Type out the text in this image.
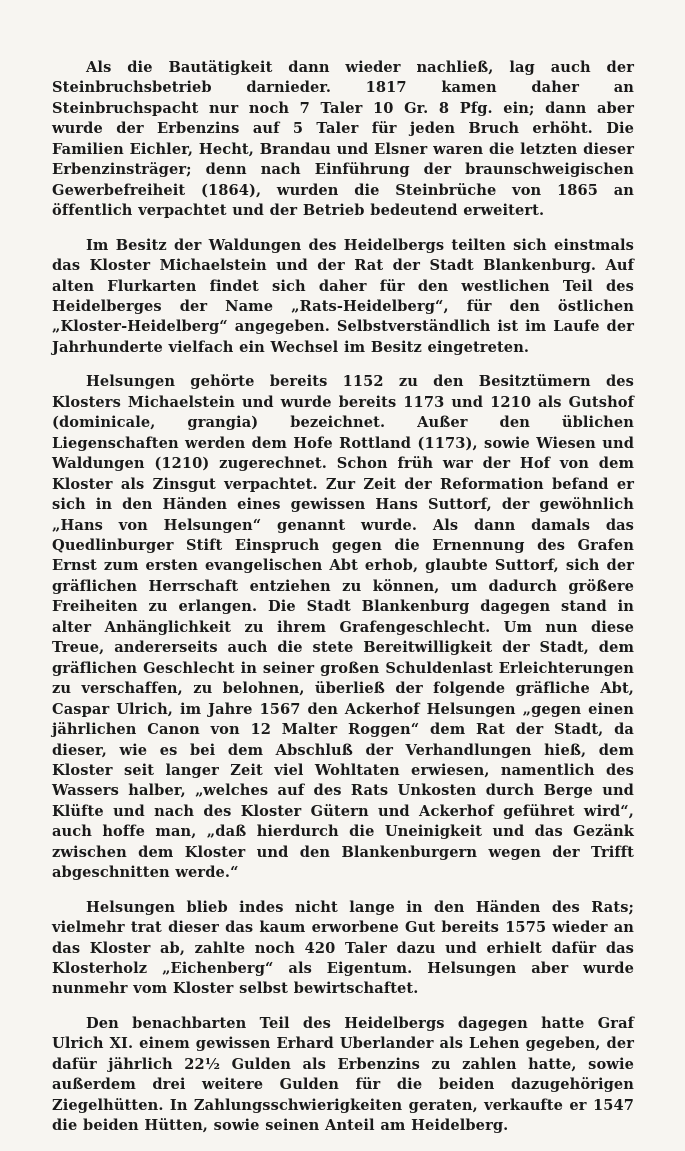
Als die Bautätigkeit dann wieder nachließ, lag auch der Steinbruchsbetrieb darnieder. 1817 kamen daher an Steinbruchspacht nur noch 7 Taler 10 Gr. 8 Pfg. ein; dann aber wurde der Erbenzins auf 5 Taler für jeden Bruch erhöht. Die Familien Eichler, Hecht, Brandau und Elsner waren die letzten dieser Erbenzinsträger; denn nach Einführung der braunschweigischen Gewerbefreiheit (1864), wurden die Steinbrüche von 1865 an öffentlich verpachtet und der Betrieb bedeutend erweitert.

Im Besitz der Waldungen des Heidelbergs teilten sich einstmals das Kloster Michaelstein und der Rat der Stadt Blankenburg. Auf alten Flurkarten findet sich daher für den westlichen Teil des Heidelberges der Name „Rats-Heidelberg“, für den östlichen „Kloster-Heidelberg“ angegeben. Selbstverständlich ist im Laufe der Jahrhunderte vielfach ein Wechsel im Besitz eingetreten.

Helsungen gehörte bereits 1152 zu den Besitztümern des Klosters Michaelstein und wurde bereits 1173 und 1210 als Gutshof (dominicale, grangia) bezeichnet. Außer den üblichen Liegenschaften werden dem Hofe Rottland (1173), sowie Wiesen und Waldungen (1210) zugerechnet. Schon früh war der Hof von dem Kloster als Zinsgut verpachtet. Zur Zeit der Reformation befand er sich in den Händen eines gewissen Hans Suttorf, der gewöhnlich „Hans von Helsungen“ genannt wurde. Als dann damals das Quedlinburger Stift Einspruch gegen die Ernennung des Grafen Ernst zum ersten evangelischen Abt erhob, glaubte Suttorf, sich der gräflichen Herrschaft entziehen zu können, um dadurch größere Freiheiten zu erlangen. Die Stadt Blankenburg dagegen stand in alter Anhänglichkeit zu ihrem Grafengeschlecht. Um nun diese Treue, andererseits auch die stete Bereitwilligkeit der Stadt, dem gräflichen Geschlecht in seiner großen Schuldenlast Erleichterungen zu verschaffen, zu belohnen, überließ der folgende gräfliche Abt, Caspar Ulrich, im Jahre 1567 den Ackerhof Helsungen „gegen einen jährlichen Canon von 12 Malter Roggen“ dem Rat der Stadt, da dieser, wie es bei dem Abschluß der Verhandlungen hieß, dem Kloster seit langer Zeit viel Wohltaten erwiesen, namentlich des Wassers halber, „welches auf des Rats Unkosten durch Berge und Klüfte und nach des Kloster Gütern und Ackerhof geführet wird“, auch hoffe man, „daß hierdurch die Uneinigkeit und das Gezänk zwischen dem Kloster und den Blankenburgern wegen der Trifft abgeschnitten werde.“

Helsungen blieb indes nicht lange in den Händen des Rats; vielmehr trat dieser das kaum erworbene Gut bereits 1575 wieder an das Kloster ab, zahlte noch 420 Taler dazu und erhielt dafür das Klosterholz „Eichenberg“ als Eigentum. Helsungen aber wurde nunmehr vom Kloster selbst bewirtschaftet.

Den benachbarten Teil des Heidelbergs dagegen hatte Graf Ulrich XI. einem gewissen Erhard Uberlander als Lehen gegeben, der dafür jährlich 22½ Gulden als Erbenzins zu zahlen hatte, sowie außerdem drei weitere Gulden für die beiden dazugehörigen Ziegelhütten. In Zahlungsschwierigkeiten geraten, verkaufte er 1547 die beiden Hütten, sowie seinen Anteil am Heidelberg.
